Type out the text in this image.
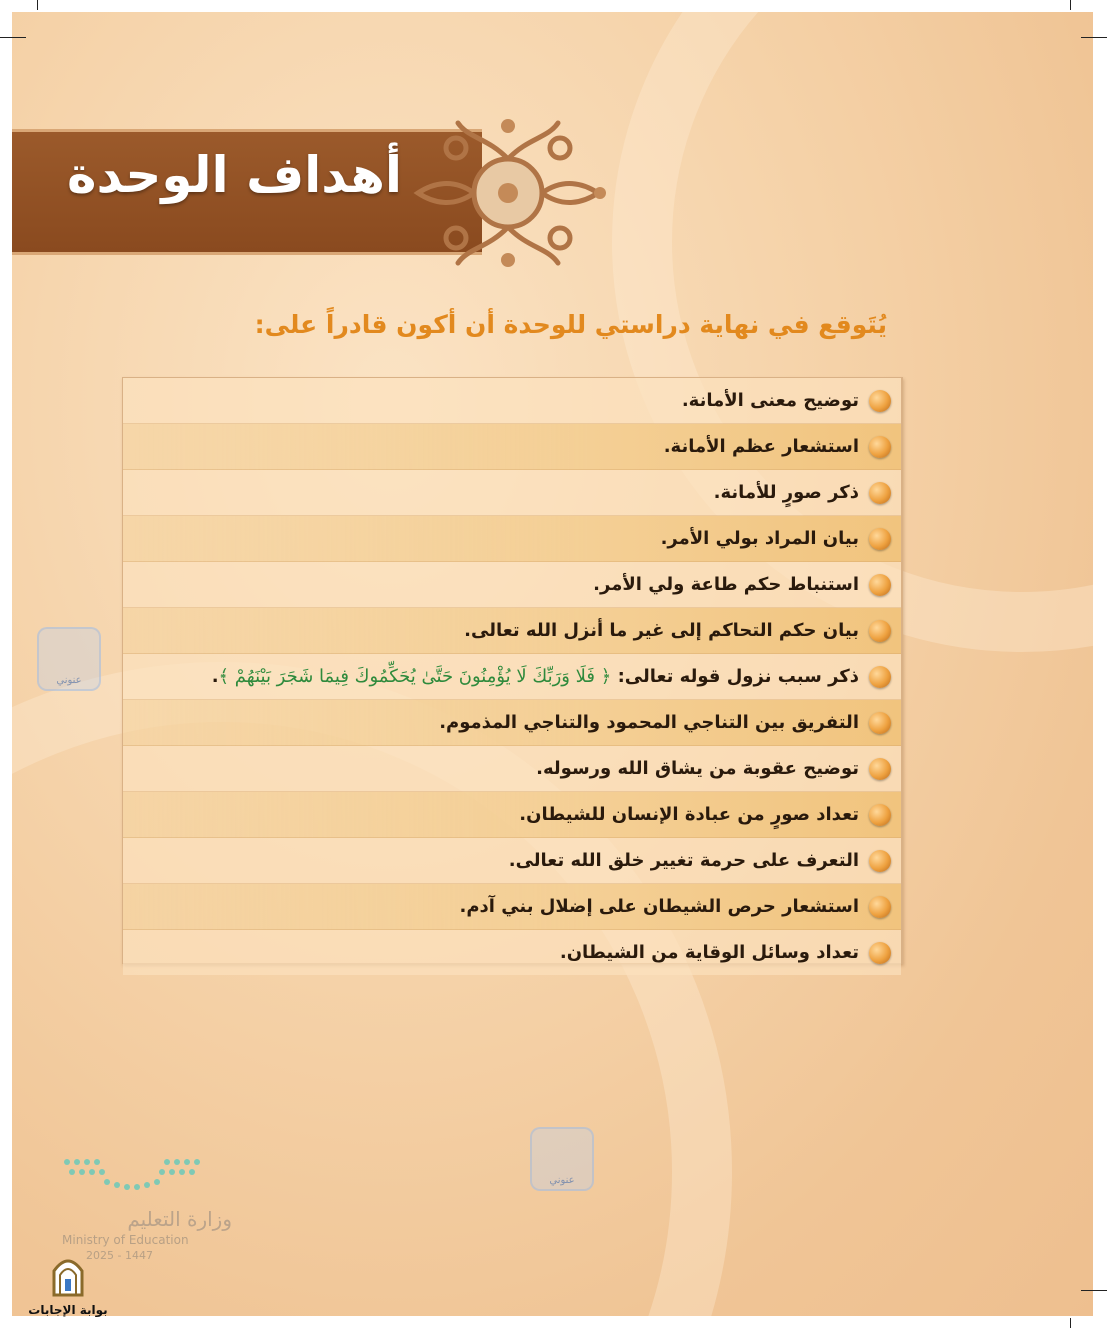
أهداف الوحدة
يُتَوقع في نهاية دراستي للوحدة أن أكون قادراً على:
توضيح معنى الأمانة.
استشعار عظم الأمانة.
ذكر صورٍ للأمانة.
بيان المراد بولي الأمر.
استنباط حكم طاعة ولي الأمر.
بيان حكم التحاكم إلى غير ما أنزل الله تعالى.
ذكر سبب نزول قوله تعالى: ﴿ فَلَا وَرَبِّكَ لَا يُؤْمِنُونَ حَتَّىٰ يُحَكِّمُوكَ فِيمَا شَجَرَ بَيْنَهُمْ ﴾.
التفريق بين التناجي المحمود والتناجي المذموم.
توضيح عقوبة من يشاق الله ورسوله.
تعداد صورٍ من عبادة الإنسان للشيطان.
التعرف على حرمة تغيير خلق الله تعالى.
استشعار حرص الشيطان على إضلال بني آدم.
تعداد وسائل الوقاية من الشيطان.
عنوني
عنوني
وزارة التعليم
Ministry of Education
2025 - 1447
بوابة الإجابات
